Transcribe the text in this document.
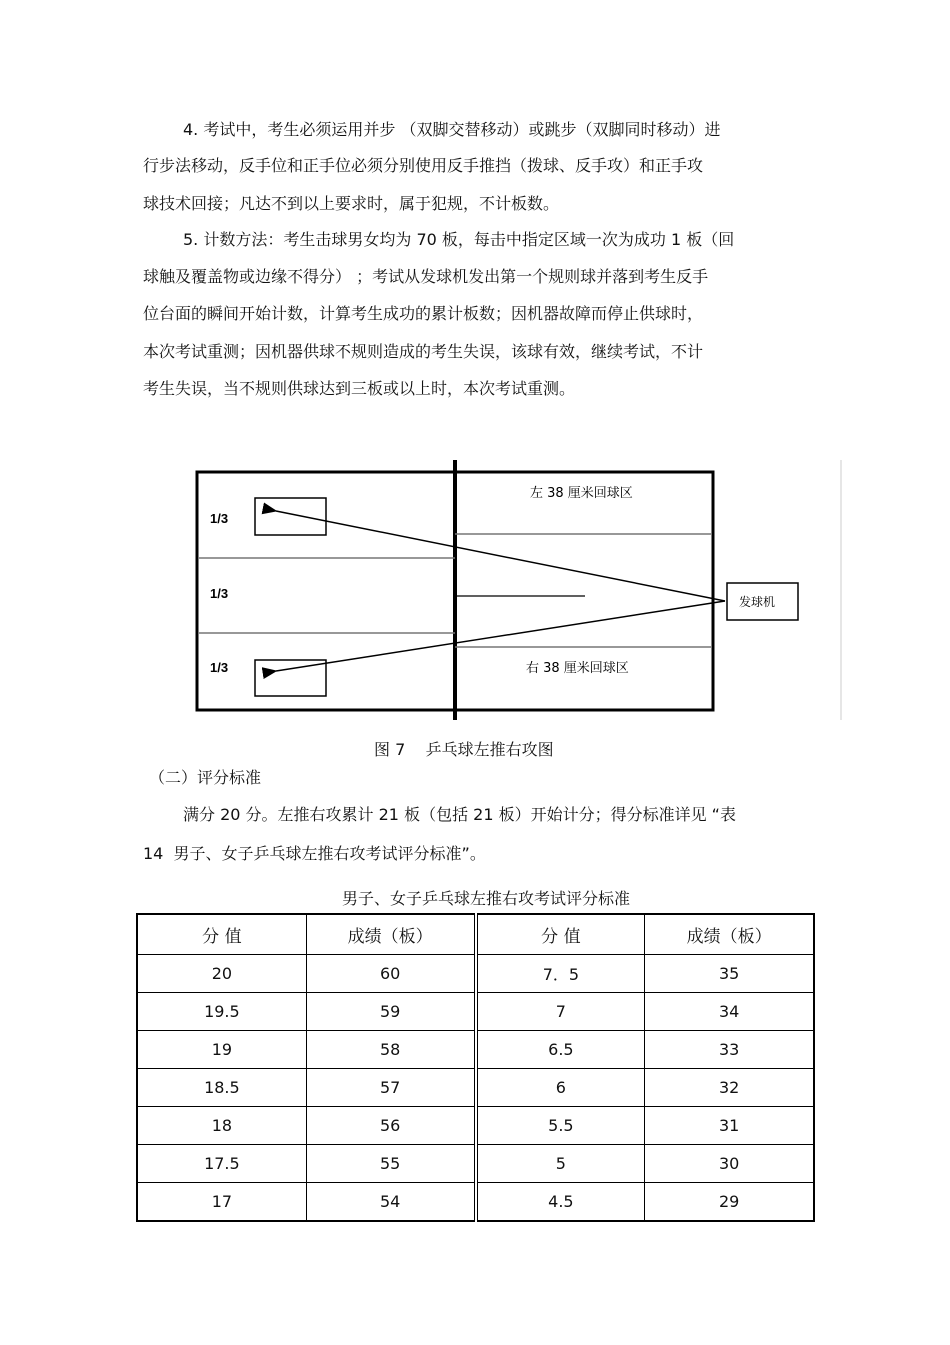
4. 考试中，考生必须运用并步 （双脚交替移动）或跳步（双脚同时移动）进
行步法移动，反手位和正手位必须分别使用反手推挡（拨球、反手攻）和正手攻
球技术回接；凡达不到以上要求时，属于犯规，不计板数。
5. 计数方法：考生击球男女均为 70 板，每击中指定区域一次为成功 1 板（回
球触及覆盖物或边缘不得分） ；考试从发球机发出第一个规则球并落到考生反手
位台面的瞬间开始计数，计算考生成功的累计板数；因机器故障而停止供球时，
本次考试重测；因机器供球不规则造成的考生失误，该球有效，继续考试，不计
考生失误，当不规则供球达到三板或以上时，本次考试重测。
1/3
1/3
1/3
左 38 厘米回球区
右 38 厘米回球区
发球机
图 7    乒乓球左推右攻图
（二）评分标准
满分 20 分。左推右攻累计 21 板（包括 21 板）开始计分；得分标准详见 “表
14  男子、女子乒乓球左推右攻考试评分标准”。
男子、女子乒乓球左推右攻考试评分标准
分 值	成绩（板）	分 值	成绩（板）
20	60	7．5	35
19.5	59	7	34
19	58	6.5	33
18.5	57	6	32
18	56	5.5	31
17.5	55	5	30
17	54	4.5	29
